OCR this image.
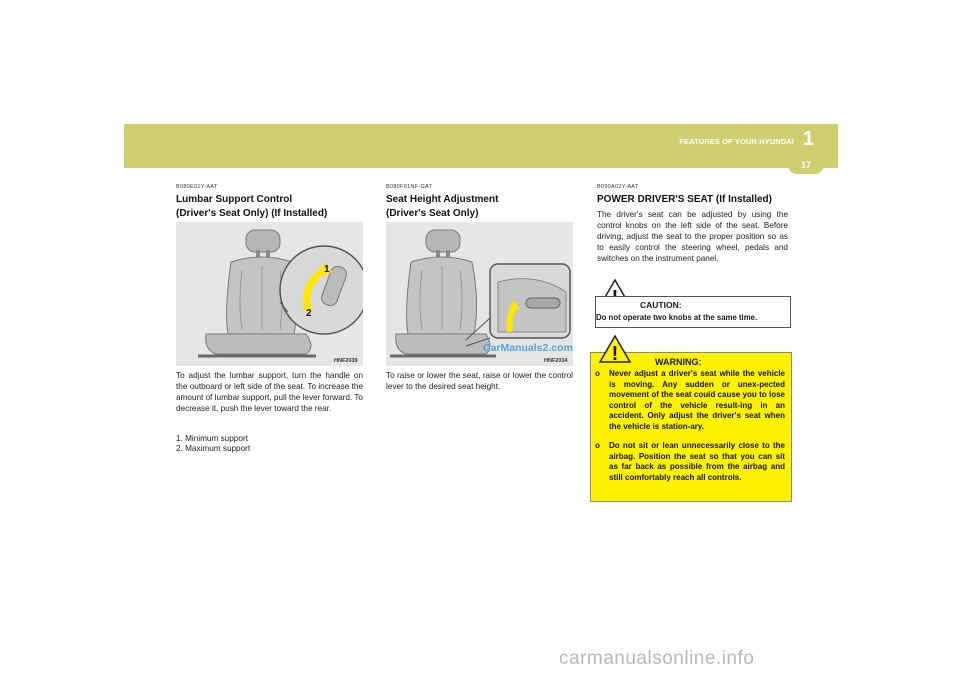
FEATURES OF YOUR HYUNDAI 1
17
B080E01Y-AAT
Lumbar Support Control
(Driver's Seat Only) (If Installed)
1
2
HNF2039
To adjust the lumbar support, turn the handle on the outboard or left side of the seat. To increase the amount of lumbar support, pull the lever forward. To decrease it, push the lever toward the rear.
1. Minimum support
2. Maximum support
B080F01NF-GAT
Seat Height Adjustment
(Driver's Seat Only)
CarManuals2.com
HNF2034
To raise or lower the seat, raise or lower the control lever to the desired seat height.
B090A02Y-AAT
POWER DRIVER'S SEAT (If Installed)
The driver's seat can be adjusted by using the control knobs on the left side of the seat. Before driving, adjust the seat to the proper position so as to easily control the steering wheel, pedals and switches on the instrument panel.
CAUTION:
Do not operate two knobs at the same time.
WARNING:
o Never adjust a driver's seat while the vehicle is moving. Any sudden or unex-pected movement of the seat could cause you to lose control of the vehicle result-ing in an accident. Only adjust the driver's seat when the vehicle is station-ary.
o Do not sit or lean unnecessarily close to the airbag. Position the seat so that you can sit as far back as possible from the airbag and still comfortably reach all controls.
!
carmanualsonline.info
